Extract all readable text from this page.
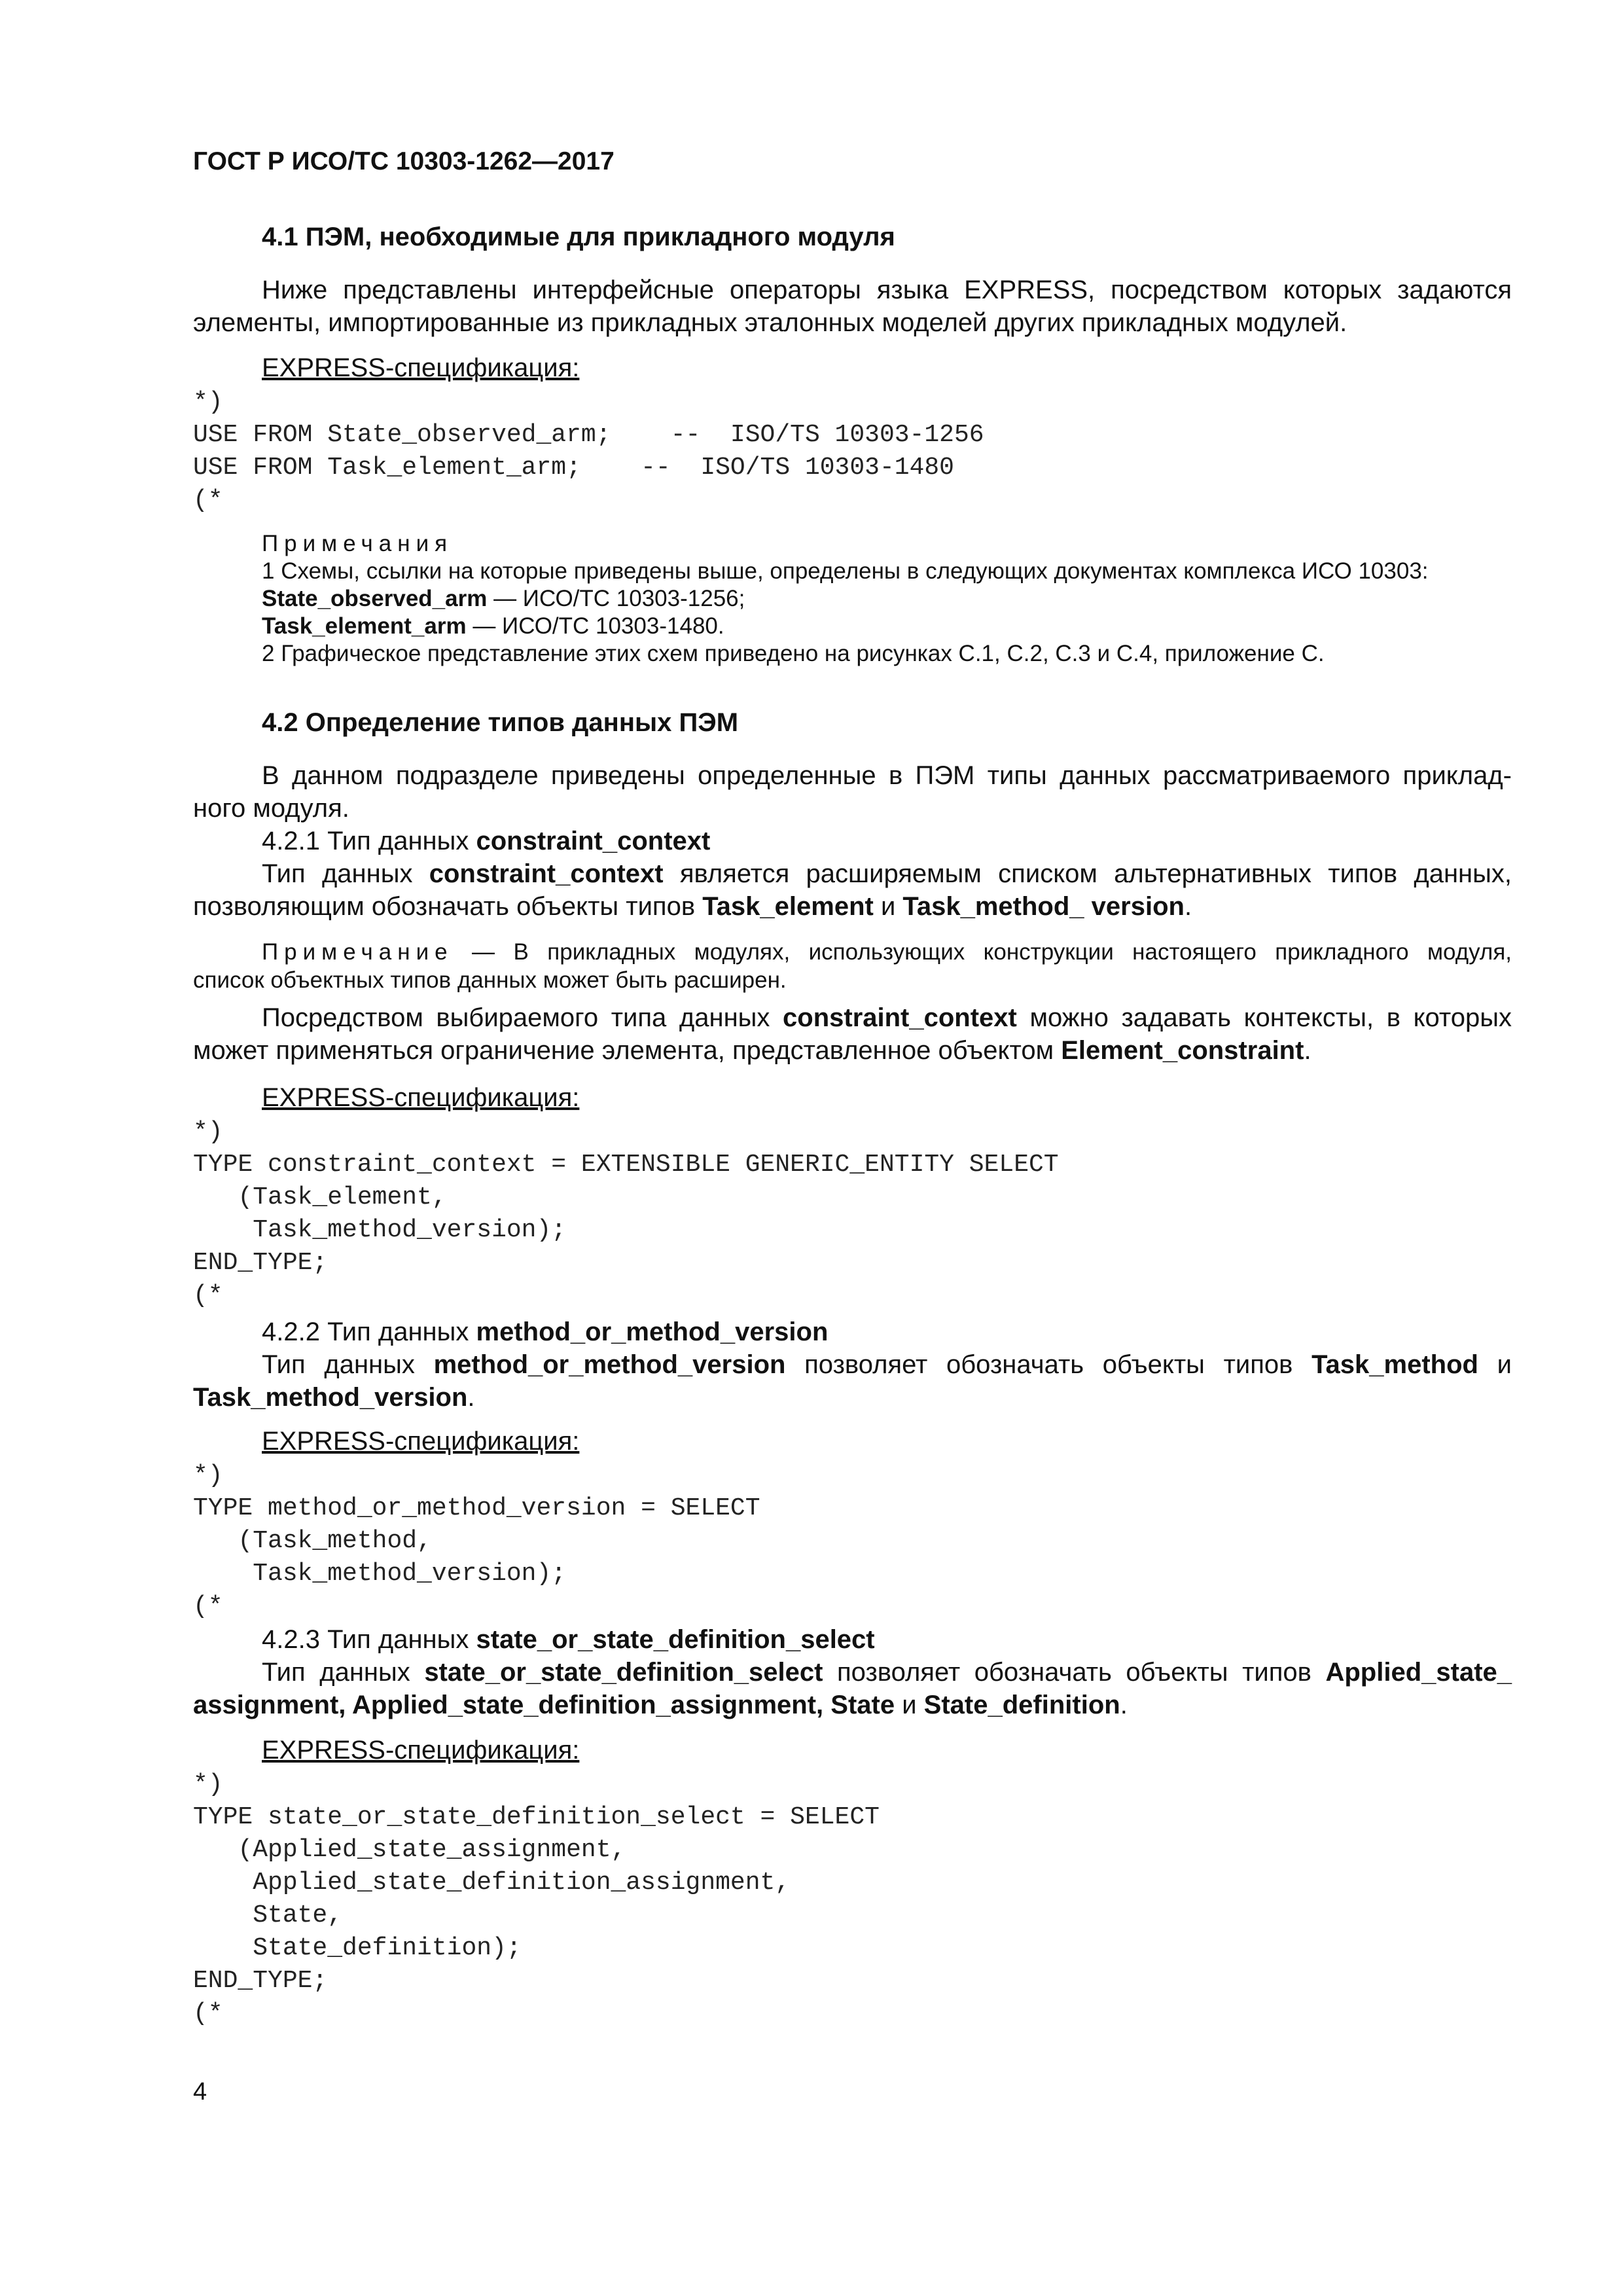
ГОСТ Р ИСО/ТС 10303-1262—2017
4.1 ПЭМ, необходимые для прикладного модуля
Ниже представлены интерфейсные операторы языка EXPRESS, посредством которых задаются
элементы, импортированные из прикладных эталонных моделей других прикладных модулей.
EXPRESS-спецификация:
*)
USE FROM State_observed_arm;    --  ISO/TS 10303-1256
USE FROM Task_element_arm;    --  ISO/TS 10303-1480
(*
Примечания
1 Схемы, ссылки на которые приведены выше, определены в следующих документах комплекса ИСО 10303:
State_observed_arm — ИСО/ТС 10303-1256;
Task_element_arm — ИСО/ТС 10303-1480.
2 Графическое представление этих схем приведено на рисунках C.1, C.2, C.3 и C.4, приложение С.
4.2 Определение типов данных ПЭМ
В данном подразделе приведены определенные в ПЭМ типы данных рассматриваемого приклад-
ного модуля.
4.2.1 Тип данных constraint_context
Тип данных constraint_context является расширяемым списком альтернативных типов данных,
позволяющим обозначать объекты типов Task_element и Task_method_ version.
Примечание — В прикладных модулях, использующих конструкции настоящего прикладного модуля,
список объектных типов данных может быть расширен.
Посредством выбираемого типа данных constraint_context можно задавать контексты, в которых
может применяться ограничение элемента, представленное объектом Element_constraint.
EXPRESS-спецификация:
*)
TYPE constraint_context = EXTENSIBLE GENERIC_ENTITY SELECT
(Task_element,
Task_method_version);
END_TYPE;
(*
4.2.2 Тип данных method_or_method_version
Тип данных method_or_method_version позволяет обозначать объекты типов Task_method и
Task_method_version.
EXPRESS-спецификация:
*)
TYPE method_or_method_version = SELECT
(Task_method,
Task_method_version);
(*
4.2.3 Тип данных state_or_state_definition_select
Тип данных state_or_state_definition_select позволяет обозначать объекты типов Applied_state_
assignment, Applied_state_definition_assignment, State и State_definition.
EXPRESS-спецификация:
*)
TYPE state_or_state_definition_select = SELECT
(Applied_state_assignment,
Applied_state_definition_assignment,
State,
State_definition);
END_TYPE;
(*
4
